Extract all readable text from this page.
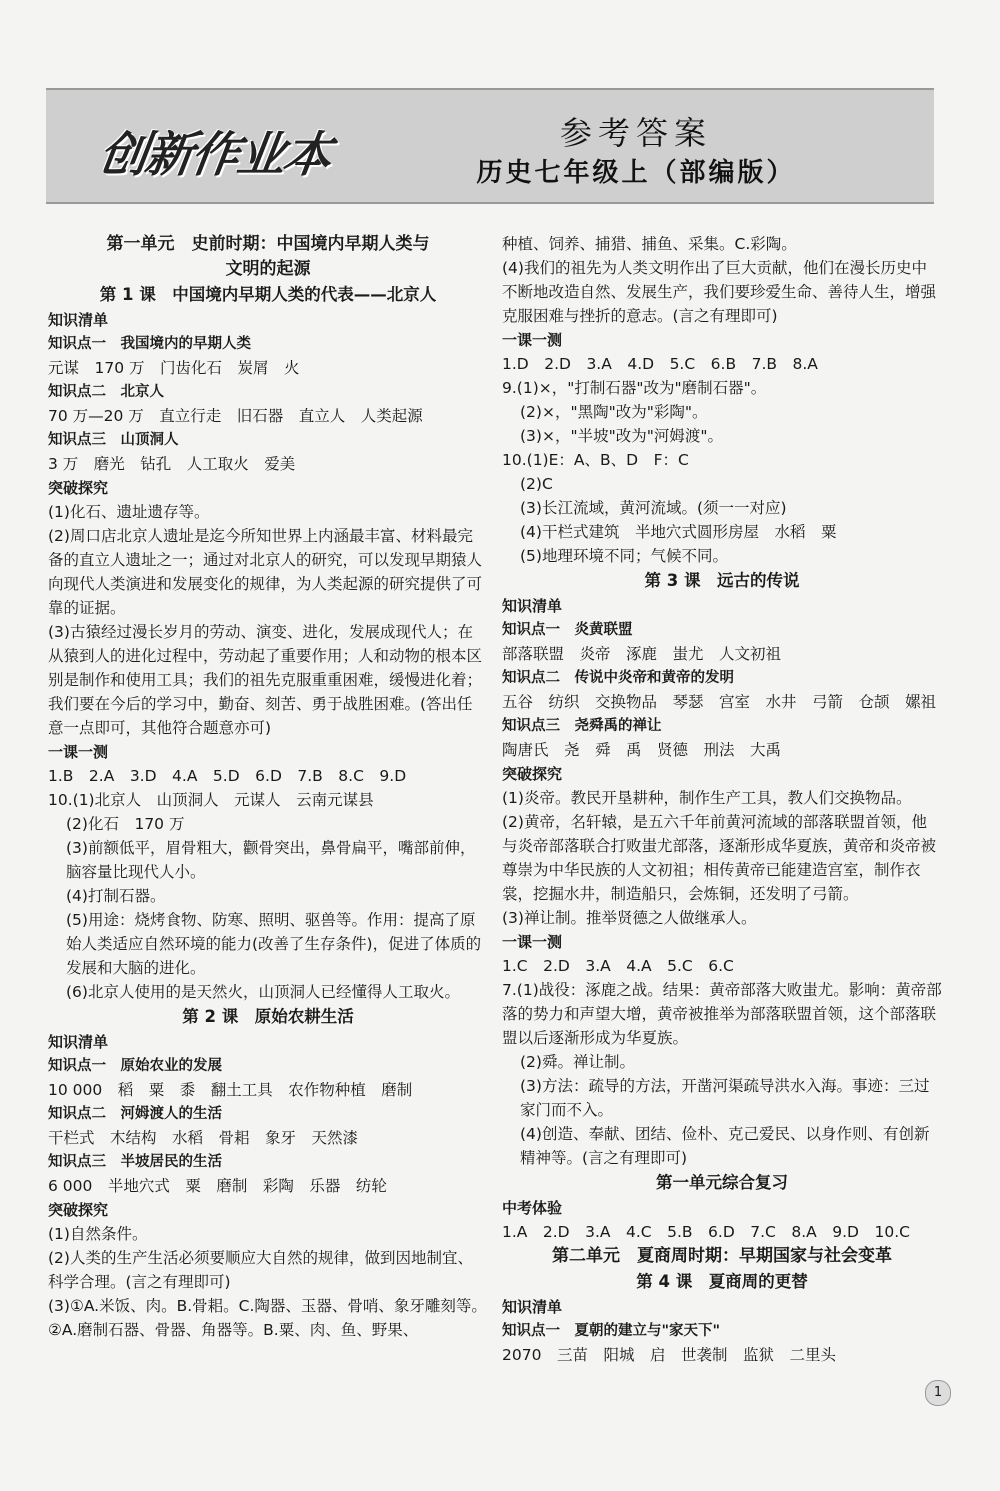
创新作业本	参考答案
历史七年级上（部编版）
第一单元　史前时期：中国境内早期人类与
文明的起源
第 1 课　中国境内早期人类的代表——北京人
知识清单
知识点一　我国境内的早期人类
元谋　170 万　门齿化石　炭屑　火
知识点二　北京人
70 万—20 万　直立行走　旧石器　直立人　人类起源
知识点三　山顶洞人
3 万　磨光　钻孔　人工取火　爱美
突破探究
(1)化石、遗址遗存等。
(2)周口店北京人遗址是迄今所知世界上内涵最丰富、材料最完备的直立人遗址之一；通过对北京人的研究，可以发现早期猿人向现代人类演进和发展变化的规律，为人类起源的研究提供了可靠的证据。
(3)古猿经过漫长岁月的劳动、演变、进化，发展成现代人；在从猿到人的进化过程中，劳动起了重要作用；人和动物的根本区别是制作和使用工具；我们的祖先克服重重困难，缓慢进化着；我们要在今后的学习中，勤奋、刻苦、勇于战胜困难。(答出任意一点即可，其他符合题意亦可)
一课一测
1.B　2.A　3.D　4.A　5.D　6.D　7.B　8.C　9.D
10.(1)北京人　山顶洞人　元谋人　云南元谋县
(2)化石　170 万
(3)前额低平，眉骨粗大，颧骨突出，鼻骨扁平，嘴部前伸，脑容量比现代人小。
(4)打制石器。
(5)用途：烧烤食物、防寒、照明、驱兽等。作用：提高了原始人类适应自然环境的能力(改善了生存条件)，促进了体质的发展和大脑的进化。
(6)北京人使用的是天然火，山顶洞人已经懂得人工取火。
第 2 课　原始农耕生活
知识清单
知识点一　原始农业的发展
10 000　稻　粟　黍　翻土工具　农作物种植　磨制
知识点二　河姆渡人的生活
干栏式　木结构　水稻　骨耜　象牙　天然漆
知识点三　半坡居民的生活
6 000　半地穴式　粟　磨制　彩陶　乐器　纺轮
突破探究
(1)自然条件。
(2)人类的生产生活必须要顺应大自然的规律，做到因地制宜、科学合理。(言之有理即可)
(3)①A.米饭、肉。B.骨耜。C.陶器、玉器、骨哨、象牙雕刻等。　②A.磨制石器、骨器、角器等。B.粟、肉、鱼、野果、
种植、饲养、捕猎、捕鱼、采集。C.彩陶。
(4)我们的祖先为人类文明作出了巨大贡献，他们在漫长历史中不断地改造自然、发展生产，我们要珍爱生命、善待人生，增强克服困难与挫折的意志。(言之有理即可)
一课一测
1.D　2.D　3.A　4.D　5.C　6.B　7.B　8.A
9.(1)×，"打制石器"改为"磨制石器"。
(2)×，"黑陶"改为"彩陶"。
(3)×，"半坡"改为"河姆渡"。
10.(1)E：A、B、D　F：C
(2)C
(3)长江流域，黄河流域。(须一一对应)
(4)干栏式建筑　半地穴式圆形房屋　水稻　粟
(5)地理环境不同；气候不同。
第 3 课　远古的传说
知识清单
知识点一　炎黄联盟
部落联盟　炎帝　涿鹿　蚩尤　人文初祖
知识点二　传说中炎帝和黄帝的发明
五谷　纺织　交换物品　琴瑟　宫室　水井　弓箭　仓颉　嫘祖
知识点三　尧舜禹的禅让
陶唐氏　尧　舜　禹　贤德　刑法　大禹
突破探究
(1)炎帝。教民开垦耕种，制作生产工具，教人们交换物品。
(2)黄帝，名轩辕，是五六千年前黄河流域的部落联盟首领，他与炎帝部落联合打败蚩尤部落，逐渐形成华夏族，黄帝和炎帝被尊崇为中华民族的人文初祖；相传黄帝已能建造宫室，制作衣裳，挖掘水井，制造船只，会炼铜，还发明了弓箭。
(3)禅让制。推举贤德之人做继承人。
一课一测
1.C　2.D　3.A　4.A　5.C　6.C
7.(1)战役：涿鹿之战。结果：黄帝部落大败蚩尤。影响：黄帝部落的势力和声望大增，黄帝被推举为部落联盟首领，这个部落联盟以后逐渐形成为华夏族。
(2)舜。禅让制。
(3)方法：疏导的方法，开凿河渠疏导洪水入海。事迹：三过家门而不入。
(4)创造、奉献、团结、俭朴、克己爱民、以身作则、有创新精神等。(言之有理即可)
第一单元综合复习
中考体验
1.A　2.D　3.A　4.C　5.B　6.D　7.C　8.A　9.D　10.C
第二单元　夏商周时期：早期国家与社会变革
第 4 课　夏商周的更替
知识清单
知识点一　夏朝的建立与"家天下"
2070　三苗　阳城　启　世袭制　监狱　二里头
1
